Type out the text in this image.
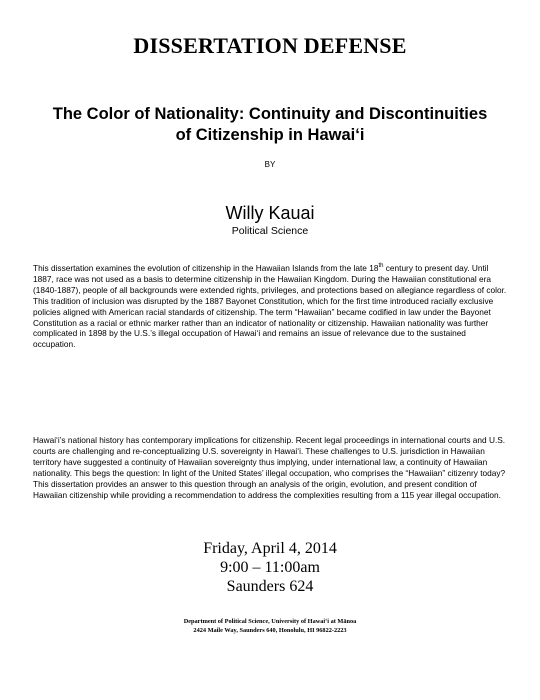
DISSERTATION DEFENSE
The Color of Nationality: Continuity and Discontinuities
of Citizenship in Hawai‘i
BY
Willy Kauai
Political Science
This dissertation examines the evolution of citizenship in the Hawaiian Islands from the late 18th century to present day. Until 1887, race was not used as a basis to determine citizenship in the Hawaiian Kingdom. During the Hawaiian constitutional era (1840-1887), people of all backgrounds were extended rights, privileges, and protections based on allegiance regardless of color. This tradition of inclusion was disrupted by the 1887 Bayonet Constitution, which for the first time introduced racially exclusive policies aligned with American racial standards of citizenship. The term “Hawaiian” became codified in law under the Bayonet Constitution as a racial or ethnic marker rather than an indicator of nationality or citizenship. Hawaiian nationality was further complicated in 1898 by the U.S.’s illegal occupation of Hawai‘i and remains an issue of relevance due to the sustained occupation.
Hawai‘i’s national history has contemporary implications for citizenship. Recent legal proceedings in international courts and U.S. courts are challenging and re-conceptualizing U.S. sovereignty in Hawai‘i. These challenges to U.S. jurisdiction in Hawaiian territory have suggested a continuity of Hawaiian sovereignty thus implying, under international law, a continuity of Hawaiian nationality. This begs the question: In light of the United States’ illegal occupation, who comprises the “Hawaiian” citizenry today? This dissertation provides an answer to this question through an analysis of the origin, evolution, and present condition of Hawaiian citizenship while providing a recommendation to address the complexities resulting from a 115 year illegal occupation.
Friday, April 4, 2014
9:00 – 11:00am
Saunders 624
Department of Political Science, University of Hawai‘i at Mānoa
2424 Maile Way, Saunders 640, Honolulu, HI 96822-2223
